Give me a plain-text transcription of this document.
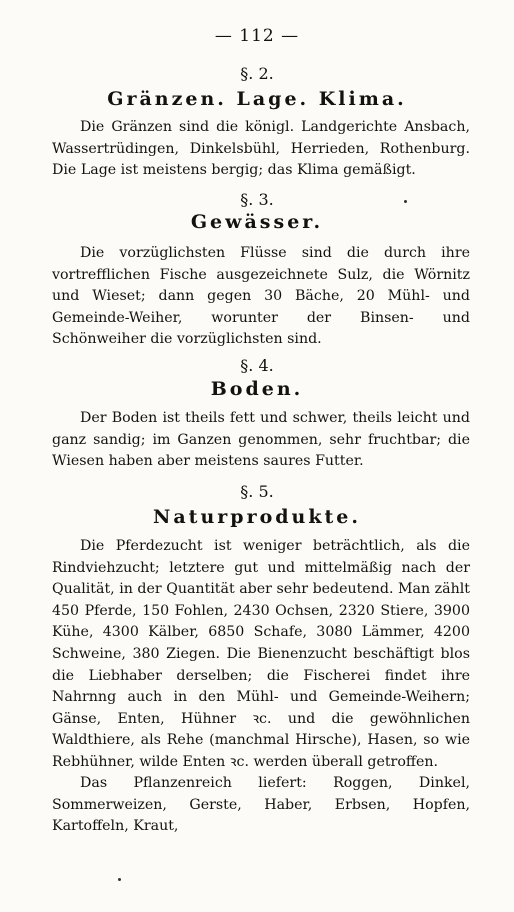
— 112 —
§. 2.
Gränzen. Lage. Klima.
Die Gränzen sind die königl. Landgerichte Ansbach, Wassertrüdingen, Dinkelsbühl, Herrieden, Rothenburg. Die Lage ist meistens bergig; das Klima gemäßigt.
§. 3.
Gewässer.
Die vorzüglichsten Flüsse sind die durch ihre vortrefflichen Fische ausgezeichnete Sulz, die Wörnitz und Wieset; dann gegen 30 Bäche, 20 Mühl- und Gemeinde-Weiher, worunter der Binsen- und Schönweiher die vorzüglichsten sind.
§. 4.
Boden.
Der Boden ist theils fett und schwer, theils leicht und ganz sandig; im Ganzen genommen, sehr fruchtbar; die Wiesen haben aber meistens saures Futter.
§. 5.
Naturprodukte.
Die Pferdezucht ist weniger beträchtlich, als die Rindviehzucht; letztere gut und mittelmäßig nach der Qualität, in der Quantität aber sehr bedeutend. Man zählt 450 Pferde, 150 Fohlen, 2430 Ochsen, 2320 Stiere, 3900 Kühe, 4300 Kälber, 6850 Schafe, 3080 Lämmer, 4200 Schweine, 380 Ziegen. Die Bienenzucht beschäftigt blos die Liebhaber derselben; die Fischerei findet ihre Nahrnng auch in den Mühl- und Gemeinde-Weihern; Gänse, Enten, Hühner ꝛc. und die gewöhnlichen Waldthiere, als Rehe (manchmal Hirsche), Hasen, so wie Rebhühner, wilde Enten ꝛc. werden überall getroffen.
Das Pflanzenreich liefert: Roggen, Dinkel, Sommerweizen, Gerste, Haber, Erbsen, Hopfen, Kartoffeln, Kraut,
